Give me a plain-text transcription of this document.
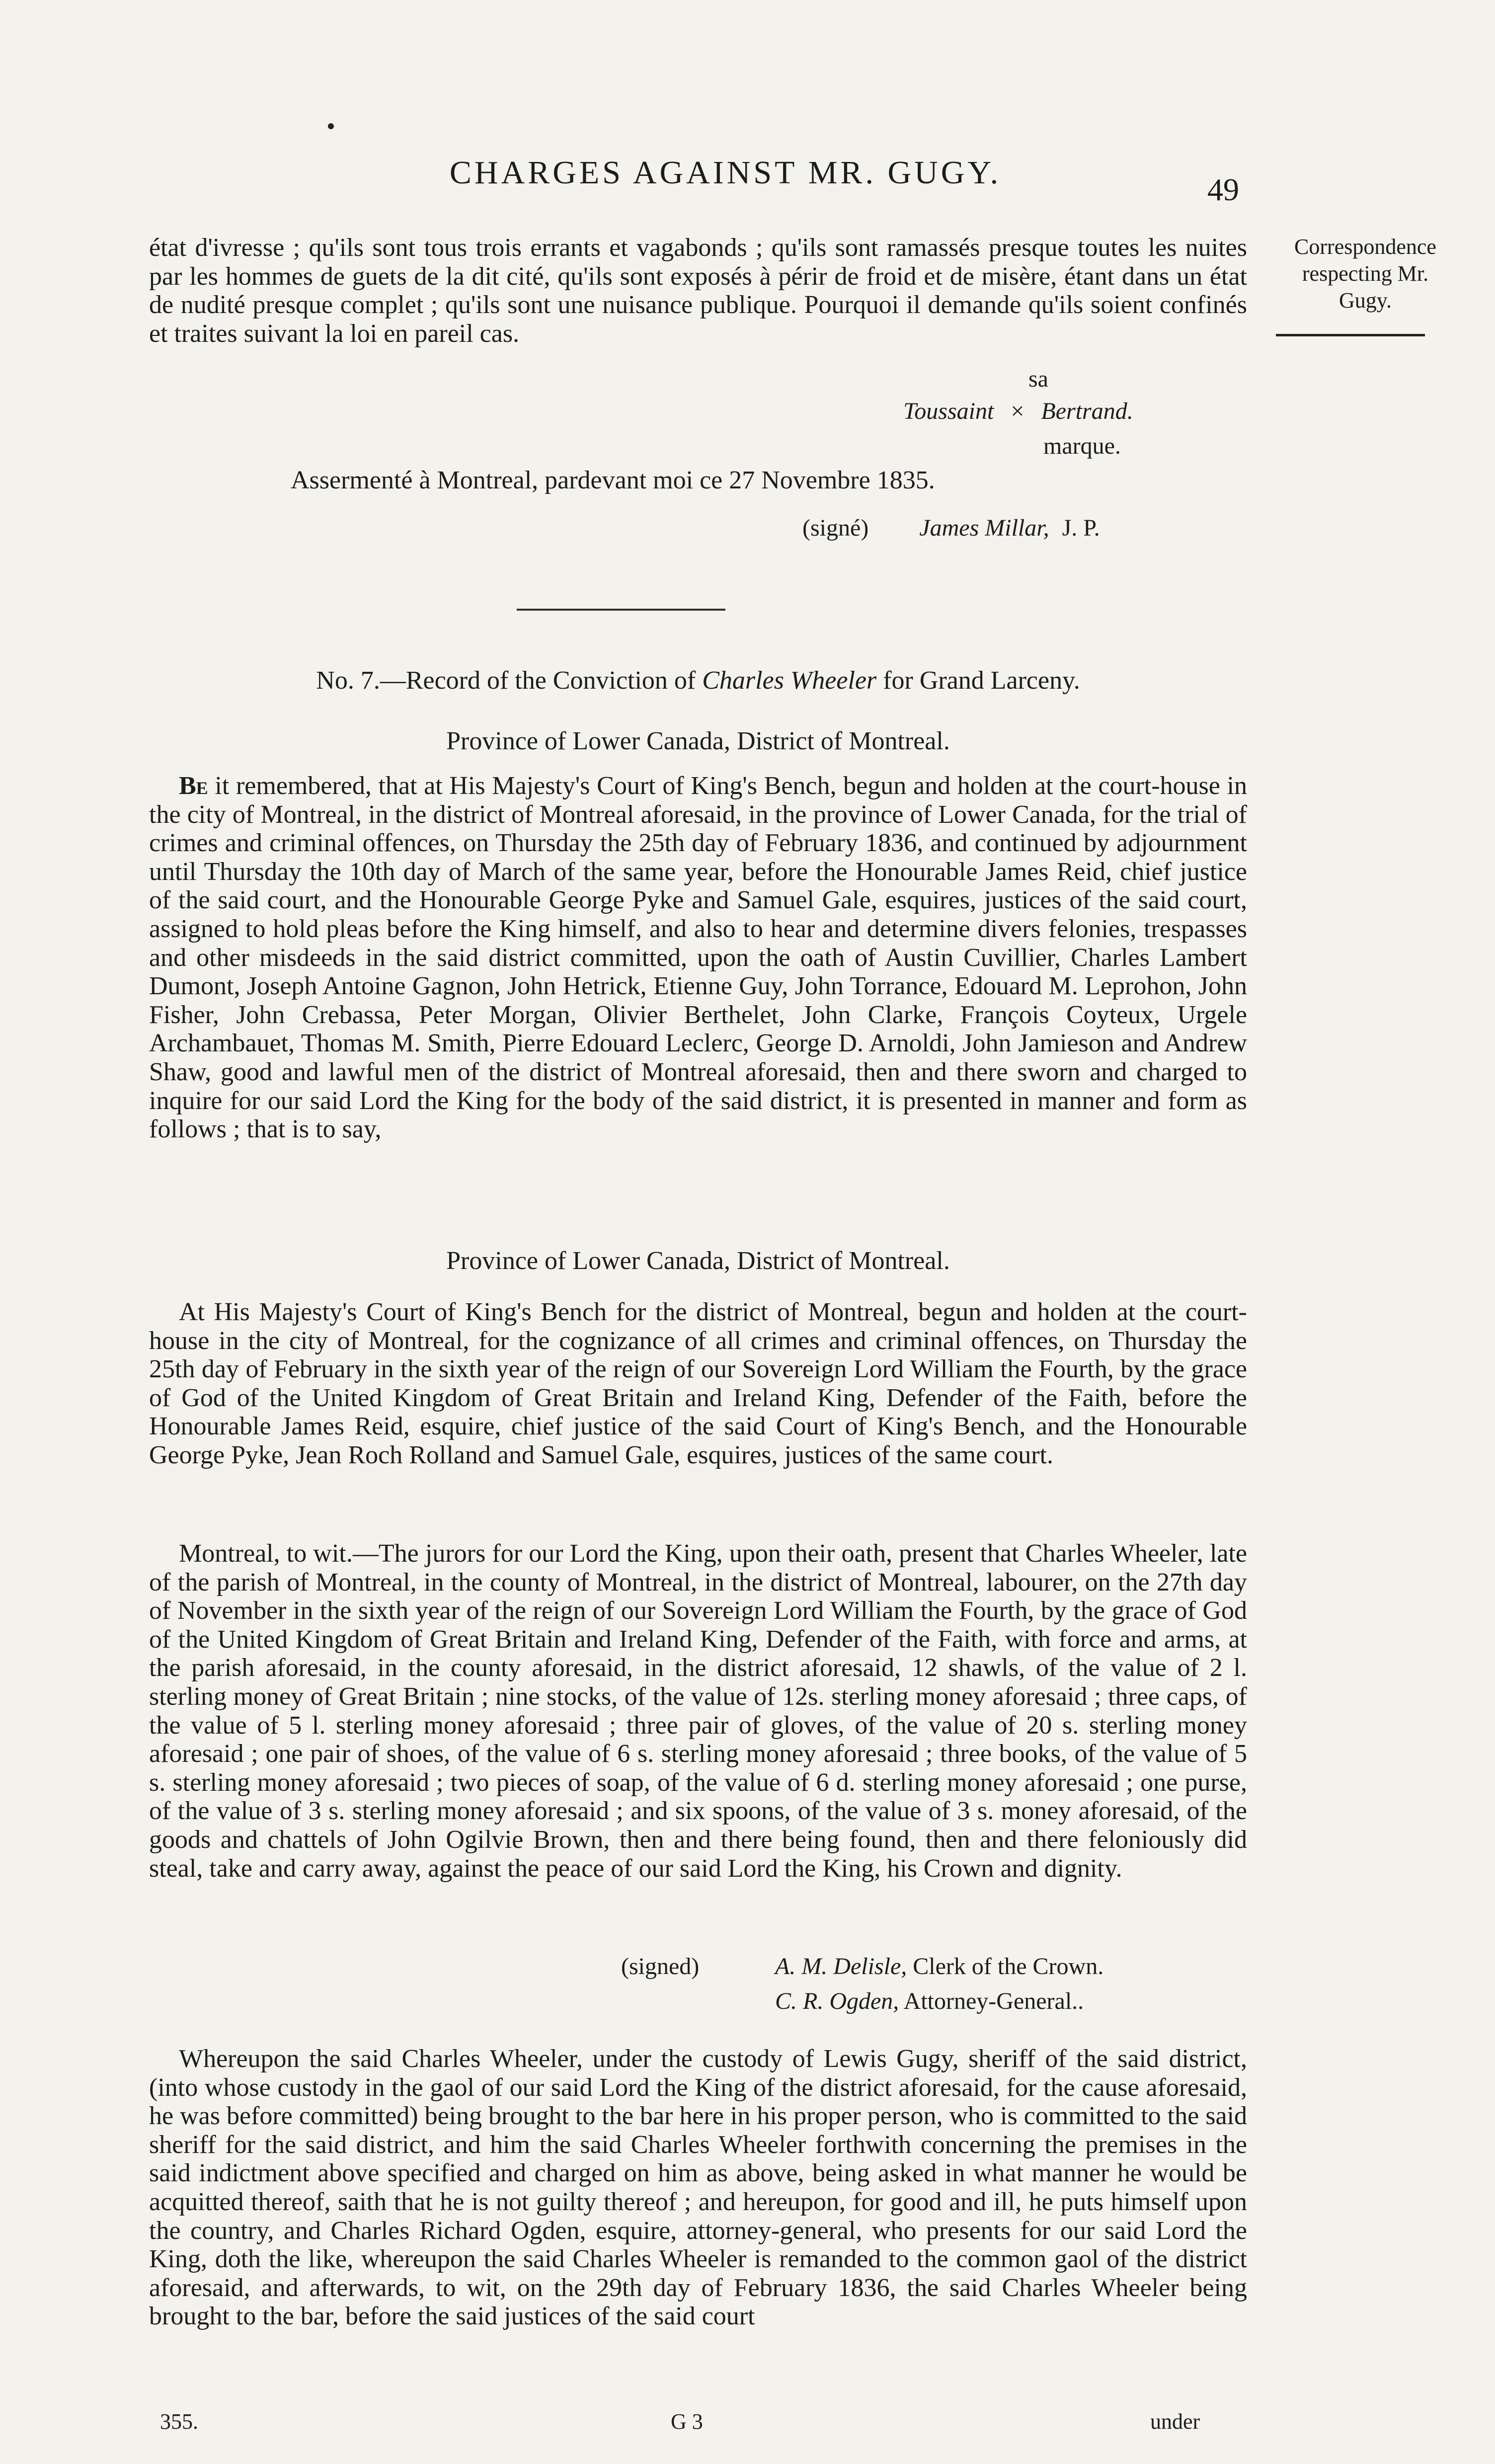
CHARGES AGAINST MR. GUGY.	49
Correspondence respecting Mr. Gugy.
état d'ivresse ; qu'ils sont tous trois errants et vagabonds ; qu'ils sont ramassés presque toutes les nuites par les hommes de guets de la dit cité, qu'ils sont exposés à périr de froid et de misère, étant dans un état de nudité presque complet ; qu'ils sont une nuisance publique. Pourquoi il demande qu'ils soient confinés et traites suivant la loi en pareil cas.
sa
Toussaint × Bertrand.
marque.
Assermenté à Montreal, pardevant moi ce 27 Novembre 1835.
(signé) James Millar, J. P.
No. 7.—Record of the Conviction of Charles Wheeler for Grand Larceny.
Province of Lower Canada, District of Montreal.
Be it remembered, that at His Majesty's Court of King's Bench, begun and holden at the court-house in the city of Montreal, in the district of Montreal aforesaid, in the province of Lower Canada, for the trial of crimes and criminal offences, on Thursday the 25th day of February 1836, and continued by adjournment until Thursday the 10th day of March of the same year, before the Honourable James Reid, chief justice of the said court, and the Honourable George Pyke and Samuel Gale, esquires, justices of the said court, assigned to hold pleas before the King himself, and also to hear and determine divers felonies, trespasses and other misdeeds in the said district committed, upon the oath of Austin Cuvillier, Charles Lambert Dumont, Joseph Antoine Gagnon, John Hetrick, Etienne Guy, John Torrance, Edouard M. Leprohon, John Fisher, John Crebassa, Peter Morgan, Olivier Berthelet, John Clarke, François Coyteux, Urgele Archambauet, Thomas M. Smith, Pierre Edouard Leclerc, George D. Arnoldi, John Jamieson and Andrew Shaw, good and lawful men of the district of Montreal aforesaid, then and there sworn and charged to inquire for our said Lord the King for the body of the said district, it is presented in manner and form as follows ; that is to say,
Province of Lower Canada, District of Montreal.
At His Majesty's Court of King's Bench for the district of Montreal, begun and holden at the court-house in the city of Montreal, for the cognizance of all crimes and criminal offences, on Thursday the 25th day of February in the sixth year of the reign of our Sovereign Lord William the Fourth, by the grace of God of the United Kingdom of Great Britain and Ireland King, Defender of the Faith, before the Honourable James Reid, esquire, chief justice of the said Court of King's Bench, and the Honourable George Pyke, Jean Roch Rolland and Samuel Gale, esquires, justices of the same court.
Montreal, to wit.—The jurors for our Lord the King, upon their oath, present that Charles Wheeler, late of the parish of Montreal, in the county of Montreal, in the district of Montreal, labourer, on the 27th day of November in the sixth year of the reign of our Sovereign Lord William the Fourth, by the grace of God of the United Kingdom of Great Britain and Ireland King, Defender of the Faith, with force and arms, at the parish aforesaid, in the county aforesaid, in the district aforesaid, 12 shawls, of the value of 2 l. sterling money of Great Britain ; nine stocks, of the value of 12s. sterling money aforesaid ; three caps, of the value of 5 l. sterling money aforesaid ; three pair of gloves, of the value of 20 s. sterling money aforesaid ; one pair of shoes, of the value of 6 s. sterling money aforesaid ; three books, of the value of 5 s. sterling money aforesaid ; two pieces of soap, of the value of 6 d. sterling money aforesaid ; one purse, of the value of 3 s. sterling money aforesaid ; and six spoons, of the value of 3 s. money aforesaid, of the goods and chattels of John Ogilvie Brown, then and there being found, then and there feloniously did steal, take and carry away, against the peace of our said Lord the King, his Crown and dignity.
(signed)	A. M. Delisle, Clerk of the Crown.
C. R. Ogden, Attorney-General..
Whereupon the said Charles Wheeler, under the custody of Lewis Gugy, sheriff of the said district, (into whose custody in the gaol of our said Lord the King of the district aforesaid, for the cause aforesaid, he was before committed) being brought to the bar here in his proper person, who is committed to the said sheriff for the said district, and him the said Charles Wheeler forthwith concerning the premises in the said indictment above specified and charged on him as above, being asked in what manner he would be acquitted thereof, saith that he is not guilty thereof ; and hereupon, for good and ill, he puts himself upon the country, and Charles Richard Ogden, esquire, attorney-general, who presents for our said Lord the King, doth the like, whereupon the said Charles Wheeler is remanded to the common gaol of the district aforesaid, and afterwards, to wit, on the 29th day of February 1836, the said Charles Wheeler being brought to the bar, before the said justices of the said court
355.	G 3	under
